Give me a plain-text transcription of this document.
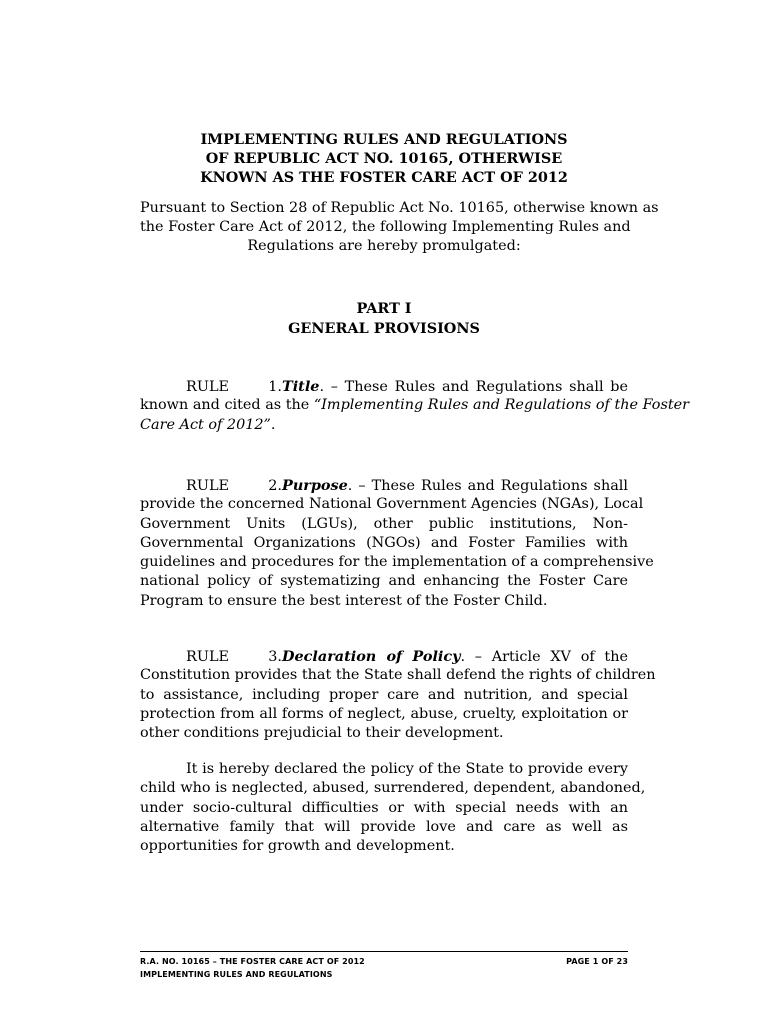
IMPLEMENTING RULES AND REGULATIONS
OF REPUBLIC ACT NO. 10165, OTHERWISE
KNOWN AS THE FOSTER CARE ACT OF 2012
Pursuant to Section 28 of Republic Act No. 10165, otherwise known as
the Foster Care Act of 2012, the following Implementing Rules and
Regulations are hereby promulgated:
PART I
GENERAL PROVISIONS
RULE 1.Title. – These Rules and Regulations shall be
known and cited as the “Implementing Rules and Regulations of the Foster
Care Act of 2012”.
RULE 2.Purpose. – These Rules and Regulations shall
provide the concerned National Government Agencies (NGAs), Local
Government Units (LGUs), other public institutions, Non-
Governmental Organizations (NGOs) and Foster Families with
guidelines and procedures for the implementation of a comprehensive
national policy of systematizing and enhancing the Foster Care
Program to ensure the best interest of the Foster Child.
RULE 3.Declaration of Policy. – Article XV of the
Constitution provides that the State shall defend the rights of children
to assistance, including proper care and nutrition, and special
protection from all forms of neglect, abuse, cruelty, exploitation or
other conditions prejudicial to their development.
It is hereby declared the policy of the State to provide every
child who is neglected, abused, surrendered, dependent, abandoned,
under socio-cultural difficulties or with special needs with an
alternative family that will provide love and care as well as
opportunities for growth and development.
R.A. NO. 10165 – THE FOSTER CARE ACT OF 2012	PAGE 1 OF 23
IMPLEMENTING RULES AND REGULATIONS
